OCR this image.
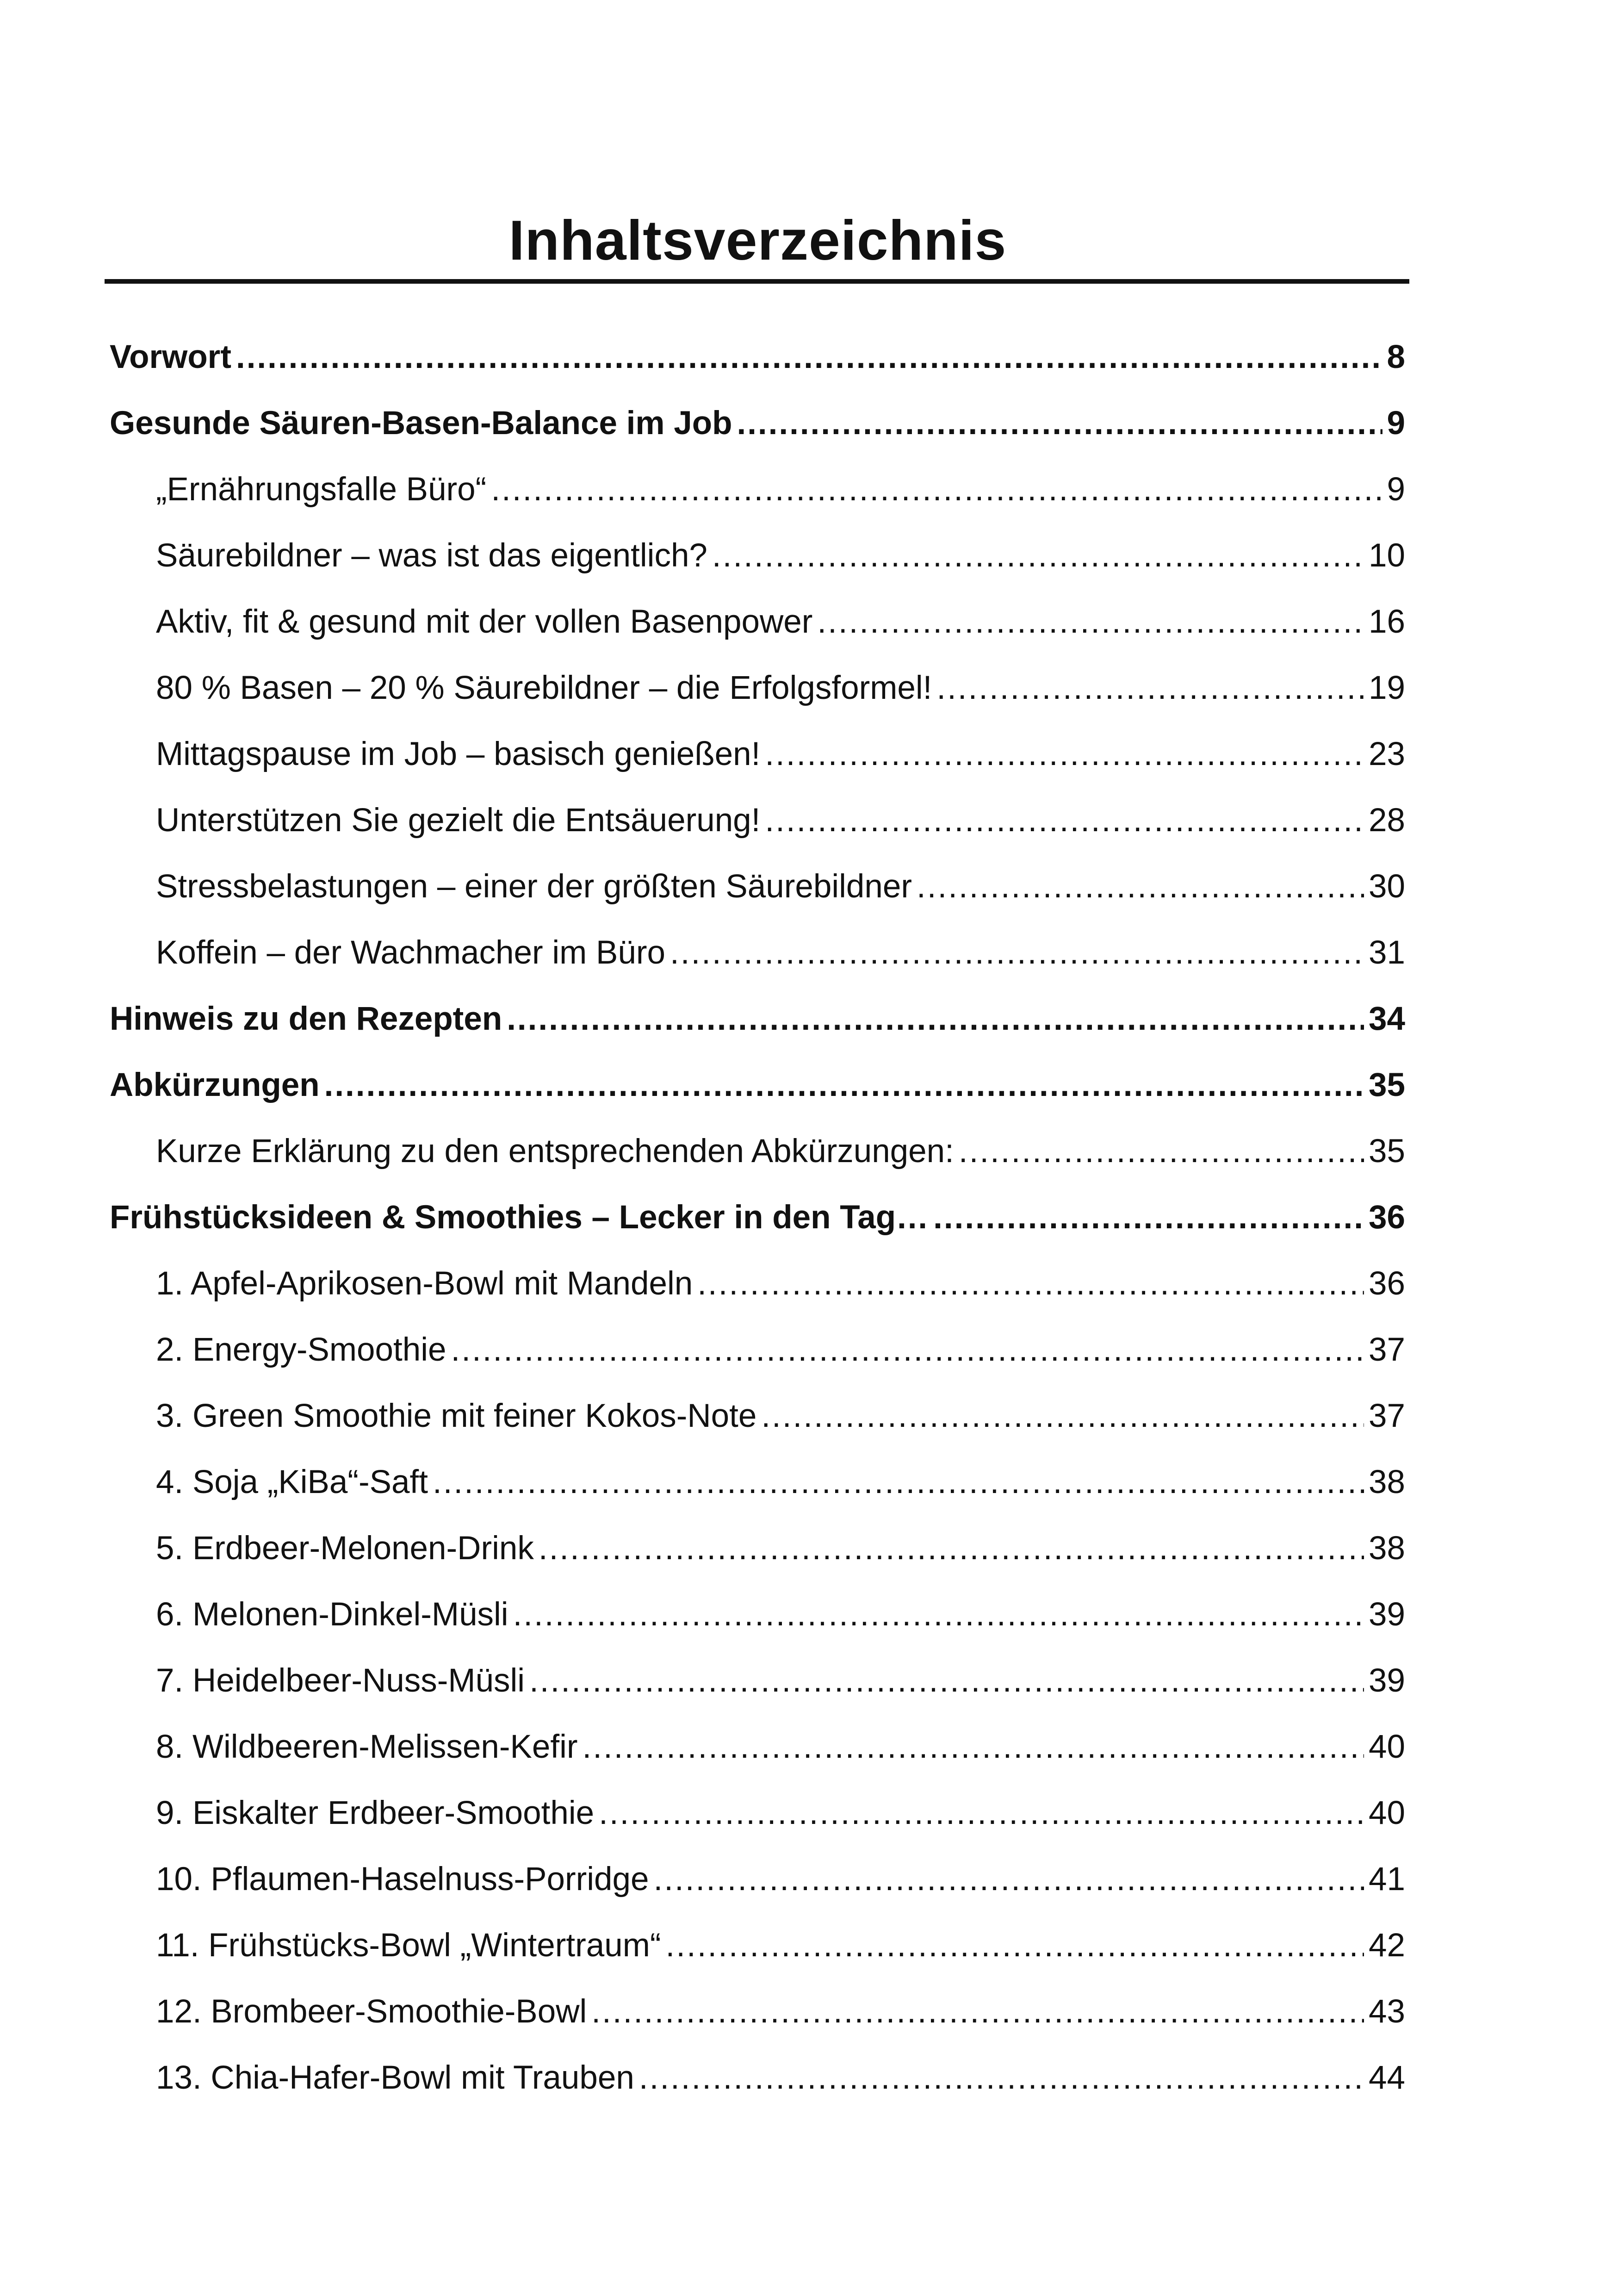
Inhaltsverzeichnis
Vorwort .....	8
Gesunde Säuren-Basen-Balance im Job .....	9
„Ernährungsfalle Büro“ .....	9
Säurebildner – was ist das eigentlich? .....	10
Aktiv, fit & gesund mit der vollen Basenpower .....	16
80 % Basen – 20 % Säurebildner – die Erfolgsformel! .....	19
Mittagspause im Job – basisch genießen! .....	23
Unterstützen Sie gezielt die Entsäuerung! .....	28
Stressbelastungen – einer der größten Säurebildner .....	30
Koffein – der Wachmacher im Büro .....	31
Hinweis zu den Rezepten .....	34
Abkürzungen .....	35
Kurze Erklärung zu den entsprechenden Abkürzungen: .....	35
Frühstücksideen & Smoothies – Lecker in den Tag… .....	36
1. Apfel-Aprikosen-Bowl mit Mandeln .....	36
2. Energy-Smoothie .....	37
3. Green Smoothie mit feiner Kokos-Note .....	37
4. Soja „KiBa“-Saft .....	38
5. Erdbeer-Melonen-Drink .....	38
6. Melonen-Dinkel-Müsli .....	39
7. Heidelbeer-Nuss-Müsli .....	39
8. Wildbeeren-Melissen-Kefir .....	40
9. Eiskalter Erdbeer-Smoothie .....	40
10. Pflaumen-Haselnuss-Porridge .....	41
11. Frühstücks-Bowl „Wintertraum“ .....	42
12. Brombeer-Smoothie-Bowl .....	43
13. Chia-Hafer-Bowl mit Trauben .....	44
